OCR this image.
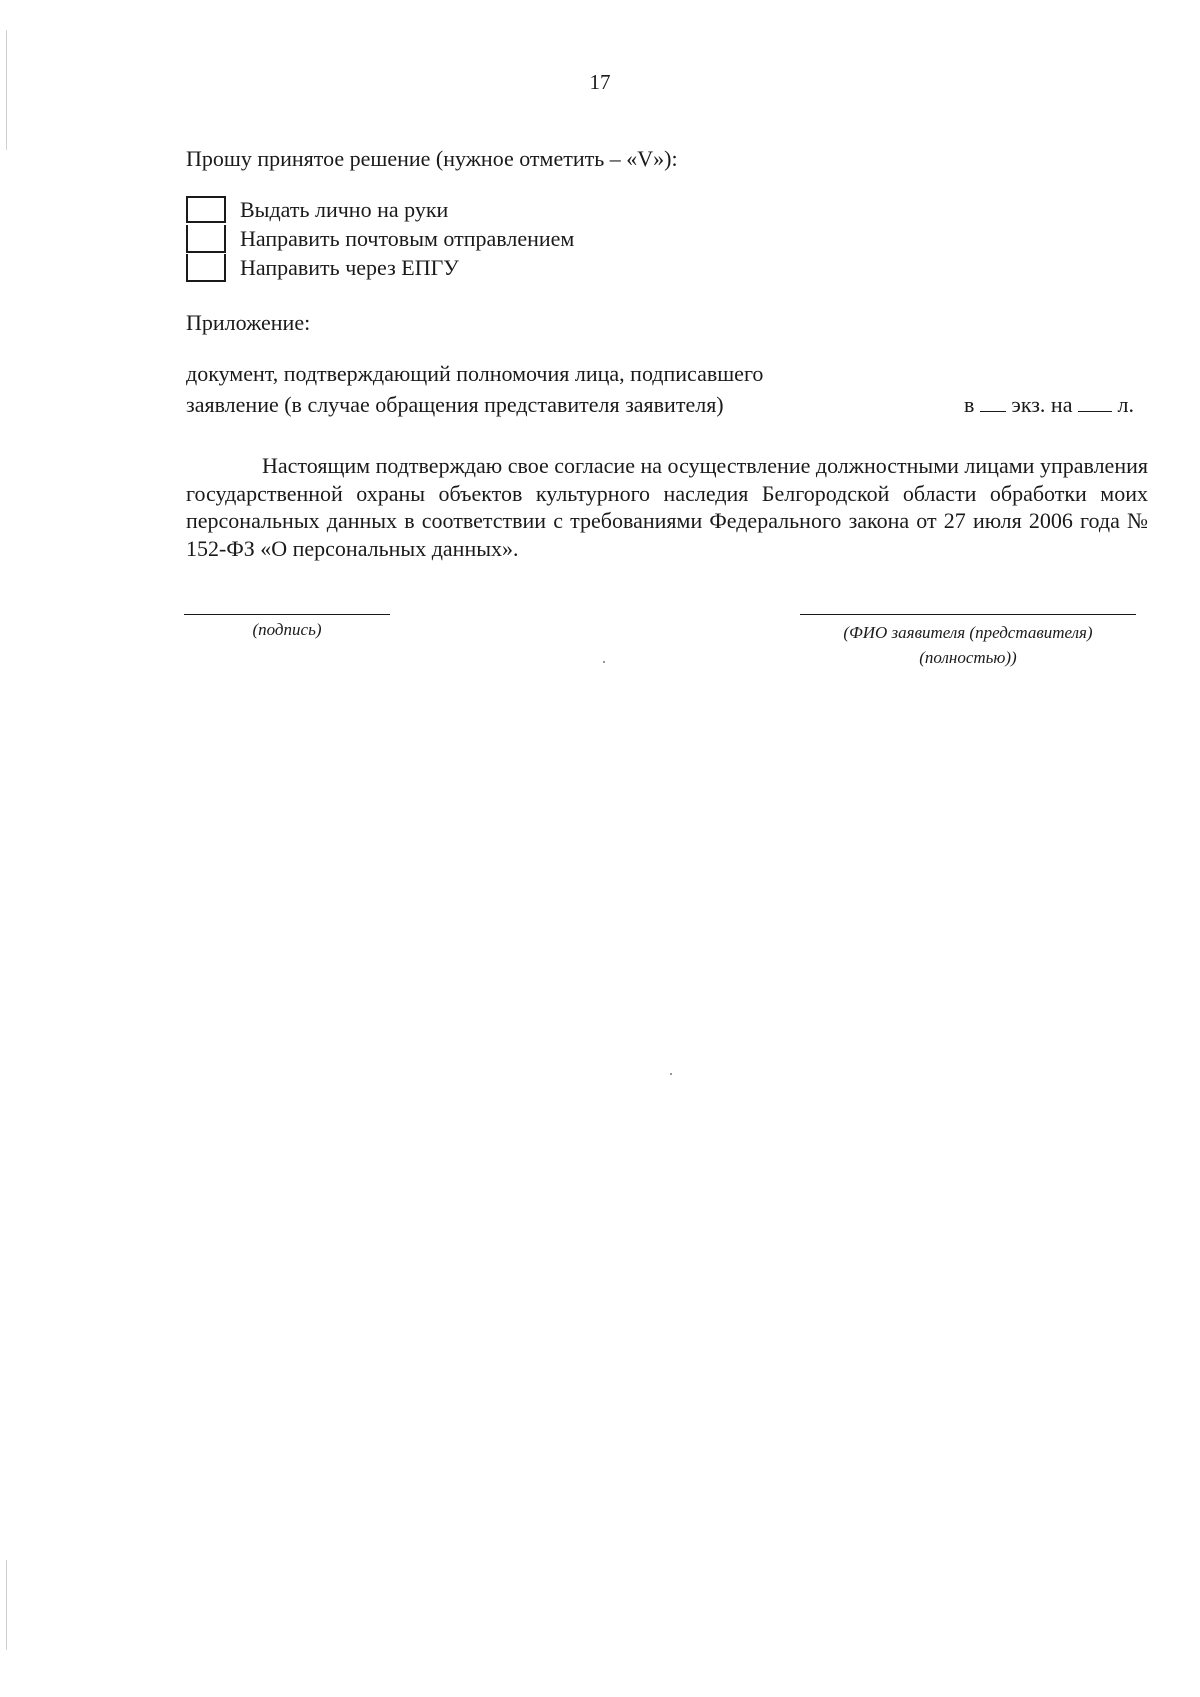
17
Прошу принятое решение (нужное отметить – «V»):
Выдать лично на руки
Направить почтовым отправлением
Направить через ЕПГУ
Приложение:
документ, подтверждающий полномочия лица, подписавшего
заявление (в случае обращения представителя заявителя)	в экз. на л.

Настоящим подтверждаю свое согласие на осуществление должностными лицами управления государственной охраны объектов культурного наследия Белгородской области обработки моих персональных данных в соответствии с требованиями Федерального закона от 27 июля 2006 года № 152-ФЗ «О персональных данных».

(подпись)	(ФИО заявителя (представителя)
(полностью))
